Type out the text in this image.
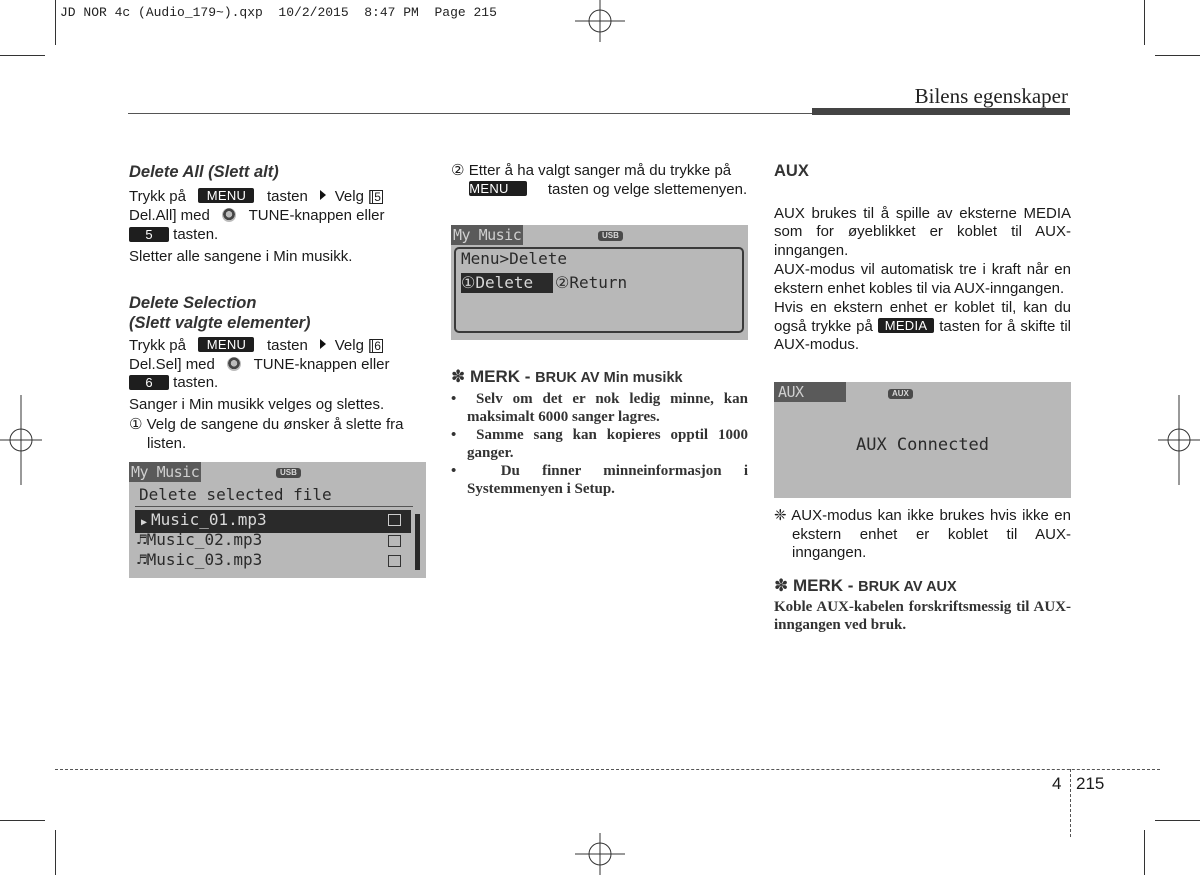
JD NOR 4c (Audio_179~).qxp  10/2/2015  8:47 PM  Page 215
Bilens egenskaper

Delete All (Slett alt)

Trykk på MENU tasten Velg [ 5
Del.All] med	TUNE-knappen eller
5 tasten.

Sletter alle sangene i Min musikk.

Delete Selection

(Slett valgte elementer)

Trykk på MENU tasten Velg [ 6
Del.Sel] med	TUNE-knappen eller
6 tasten.

Sanger i Min musikk velges og slettes.

① Velg de sangene du ønsker å slette fra listen.

My Music	USB
Delete selected file
▶ Music_01.mp3
♬Music_02.mp3
♬Music_03.mp3

② Etter å ha valgt sanger må du trykke på    MENU	tasten og velge slettemenyen.

My Music	USB
Menu>Delete
①Delete	②Return

✽ MERK - BRUK AV Min musikk

•  Selv om det er nok ledig minne, kan maksimalt 6000 sanger lagres.

•  Samme sang kan kopieres opptil 1000 ganger.

•  Du finner minneinformasjon i Systemmenyen i Setup.

AUX

AUX brukes til å spille av eksterne MEDIA som for øyeblikket er koblet til AUX-inngangen.

AUX-modus vil automatisk tre i kraft når en ekstern enhet kobles til via AUX-inngangen.

Hvis en ekstern enhet er koblet til, kan du også trykke på MEDIA tasten for å skifte til AUX-modus.

AUX	AUX
AUX Connected

❈ AUX-modus kan ikke brukes hvis ikke en ekstern enhet er koblet til AUX-inngangen.

✽ MERK - BRUK AV AUX

Koble AUX-kabelen forskriftsmessig til AUX-inngangen ved bruk.

4 215
